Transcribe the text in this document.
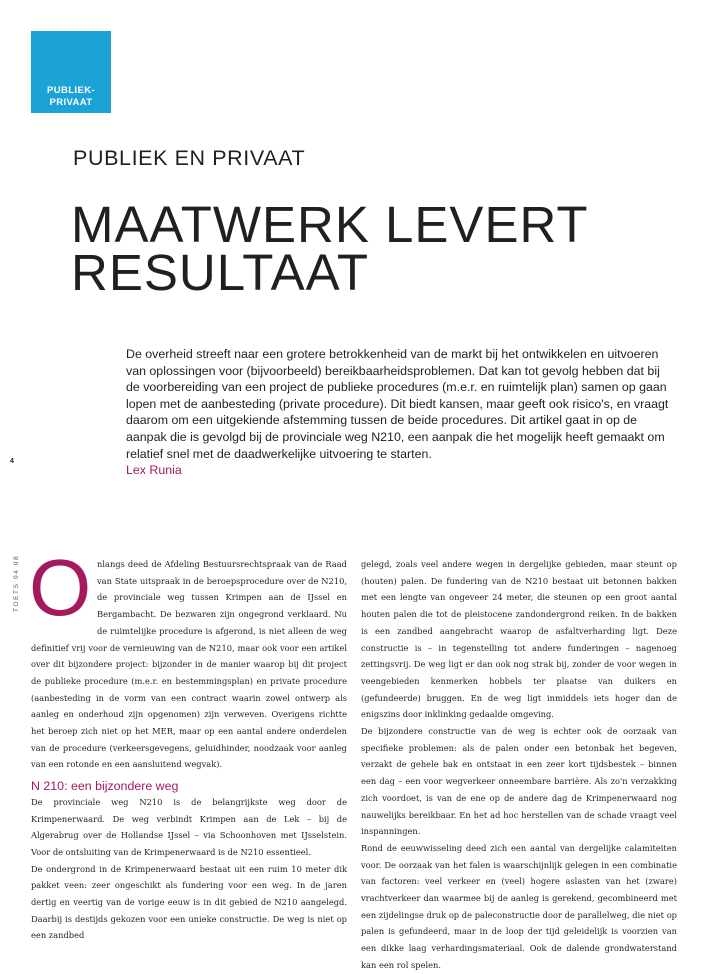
PUBLIEK-
PRIVAAT
PUBLIEK EN PRIVAAT
MAATWERK LEVERT
RESULTAAT
De overheid streeft naar een grotere betrokkenheid van de markt bij het ontwikkelen en uitvoeren van oplossingen voor (bijvoorbeeld) bereikbaarheidsproblemen. Dat kan tot gevolg hebben dat bij de voorbereiding van een project de publieke procedures (m.e.r. en ruimtelijk plan) samen op gaan lopen met de aanbesteding (private procedure). Dit biedt kansen, maar geeft ook risico's, en vraagt daarom om een uitgekiende afstemming tussen de beide procedures. Dit artikel gaat in op de aanpak die is gevolgd bij de provinciale weg N210, een aanpak die het mogelijk heeft gemaakt om relatief snel met de daadwerkelijke uitvoering te starten.
Lex Runia
4
TOETS 04 08 Onlangs deed de Afdeling Bestuursrechtspraak van de Raad van State uitspraak in de beroepsprocedure over de N210, de provinciale weg tussen Krimpen aan de IJssel en Bergambacht. De bezwaren zijn ongegrond verklaard. Nu de ruimtelijke procedure is afgerond, is niet alleen de weg definitief vrij voor de vernieuwing van de N210, maar ook voor een artikel over dit bijzondere project: bijzonder in de manier waarop bij dit project de publieke procedure (m.e.r. en bestemmingsplan) en private procedure (aanbesteding in de vorm van een contract waarin zowel ontwerp als aanleg en onderhoud zijn opgenomen) zijn verweven. Overigens richtte het beroep zich niet op het MER, maar op een aantal andere onderdelen van de procedure (verkeersgevegens, geluidhinder, noodzaak voor aanleg van een rotonde en een aansluitend wegvak).

N 210: een bijzondere weg

De provinciale weg N210 is de belangrijkste weg door de Krimpenerwaard. De weg verbindt Krimpen aan de Lek – bij de Algerabrug over de Hollandse IJssel – via Schoonhoven met IJsselstein. Voor de ontsluiting van de Krimpenerwaard is de N210 essentieel.

De ondergrond in de Krimpenerwaard bestaat uit een ruim 10 meter dik pakket veen: zeer ongeschikt als fundering voor een weg. In de jaren dertig en veertig van de vorige eeuw is in dit gebied de N210 aangelegd. Daarbij is destijds gekozen voor een unieke constructie. De weg is niet op een zandbed

gelegd, zoals veel andere wegen in dergelijke gebieden, maar steunt op (houten) palen. De fundering van de N210 bestaat uit betonnen bakken met een lengte van ongeveer 24 meter, die steunen op een groot aantal houten palen die tot de pleistocene zandondergrond reiken. In de bakken is een zandbed aangebracht waarop de asfaltverharding ligt. Deze constructie is – in tegenstelling tot andere funderingen – nagenoeg zettingsvrij. De weg ligt er dan ook nog strak bij, zonder de voor wegen in veengebieden kenmerken hobbels ter plaatse van duikers en (gefundeerde) bruggen. En de weg ligt inmiddels iets hoger dan de enigszins door inklinking gedaalde omgeving.

De bijzondere constructie van de weg is echter ook de oorzaak van specifieke problemen: als de palen onder een betonbak het begeven, verzakt de gehele bak en ontstaat in een zeer kort tijdsbestek – binnen een dag – een voor wegverkeer onneembare barrière. Als zo'n verzakking zich voordoet, is van de ene op de andere dag de Krimpenerwaard nog nauwelijks bereikbaar. En het ad hoc herstellen van de schade vraagt veel inspanningen.

Rond de eeuwwisseling deed zich een aantal van dergelijke calamiteiten voor. De oorzaak van het falen is waarschijnlijk gelegen in een combinatie van factoren: veel verkeer en (veel) hogere aslasten van het (zware) vrachtverkeer dan waarmee bij de aanleg is gerekend, gecombineerd met een zijdelingse druk op de paleconstructie door de parallelweg, die niet op palen is gefundeerd, maar in de loop der tijd geleidelijk is voorzien van een dikke laag verhardingsmateriaal. Ook de dalende grondwaterstand kan een rol spelen.
